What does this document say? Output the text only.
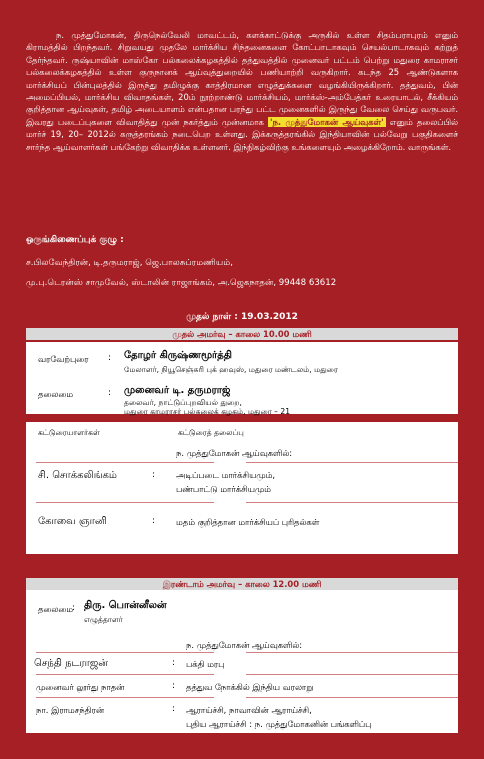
ந. முத்துமோகன், திருநெல்வேலி மாவட்டம், களக்காட்டுக்கு அருகில் உள்ள சிதம்பராபுரம் எனும் கிராமத்தில் பிறந்தவர். சிறுவயது முதலே மார்க்சிய சிந்தனைகளை கோட்பாடாகவும் செயல்பாடாகவும் கற்றுத் தேர்ந்தவர். ருஷ்யாவின் மாஸ்கோ பல்கலைக்கழகத்தில் தத்துவத்தில் முனைவர் பட்டம் பெற்று மதுரை காமராசர் பல்கலைக்கழகத்தில் உள்ள குருநானக் ஆய்வுத்துறையில் பணியாற்றி வருகிறார். கடந்த 25 ஆண்டுகளாக மார்க்சியப் பின்புலத்தில் இருந்து தமிழுக்கு காத்திரமான எழுத்துக்களை வழங்கியிருக்கிறார். தத்துவம், பின் அமைப்பியல், மார்க்சிய விவாதங்கள், 20ம் நூற்றாண்டு மார்க்சியம், மார்க்ஸ்-அம்பேத்கர் உரையாடல், சீக்கியம் குறித்தான ஆய்வுகள், தமிழ் அடையாளம் என்பதான பரந்து பட்ட முனைகளில் இருந்து வேலை செய்து வருபவர். இவரது படைப்புகளை விவாதித்து முன் நகர்த்தும் முன்னமாக 'ந. முத்துமோகன் ஆய்வுகள்' எனும் தலைப்பில் மார்ச் 19, 20– 2012ல் கருத்தரங்கம் நடைபெற உள்ளது. இக்கருத்தரங்கில் இந்தியாவின் பல்வேறு பகுதிகளைச் சார்ந்த ஆய்வாளர்கள் பங்கேற்று விவாதிக்க உள்ளனர். இந்நிகழ்விற்கு உங்களையும் அழைக்கிறோம். வாருங்கள்.

ஒருங்கிணைப்புக் குழு :
ச.பிலவேந்திரன், டி.தருமராஜ், ஜெ.பாலசுப்ரமணியம்,
மு.பு.டெரன்ஸ் சாமுவேல், ஸ்டாலின் ராஜாங்கம், அ.ஜெகநாதன், 99448 63612
முதல் நாள் : 19.03.2012
முதல் அமர்வு – காலை 10.00 மணி
வரவேற்புரை : தோழர் கிருஷ்ணமூர்த்தி
மேலாளர், நியூசெஞ்சுரி புக் ஹவுஸ், மதுரை மண்டலம், மதுரை
தலைமை	: முனைவர் டி. தருமராஜ்
தலைவர், நாட்டுப்புறவியல் துறை,
மதுரை காமராசர் பல்கலைக் கழகம், மதுரை – 21
கட்டுரையாளர்கள்	கட்டுரைத் தலைப்பு
ந. முத்துமோகன் ஆய்வுகளில்:
சி. சொக்கலிங்கம்	: அடிப்படை மார்க்சியமும்,
பண்பாட்டு மார்க்சியமும்
கோவை ஞானி	: மதம் குறித்தான மார்க்சியப் புரிதல்கள்
இரண்டாம் அமர்வு – காலை 12.00 மணி
தலைமை : திரு. பொன்னீலன்
எழுத்தாளர்
ந. முத்துமோகன் ஆய்வுகளில்:
செந்தி நடராஜன்	: பக்தி மரபு
முனைவர் லூர்து நாதன்	: தத்துவ நோக்கில் இந்திய வரலாறு
நா. இராமசந்திரன்	: ஆராய்ச்சி, நாவாவின் ஆராய்ச்சி,
புதிய ஆராய்ச்சி : ந. முத்துமோகனின் பங்களிப்பு
